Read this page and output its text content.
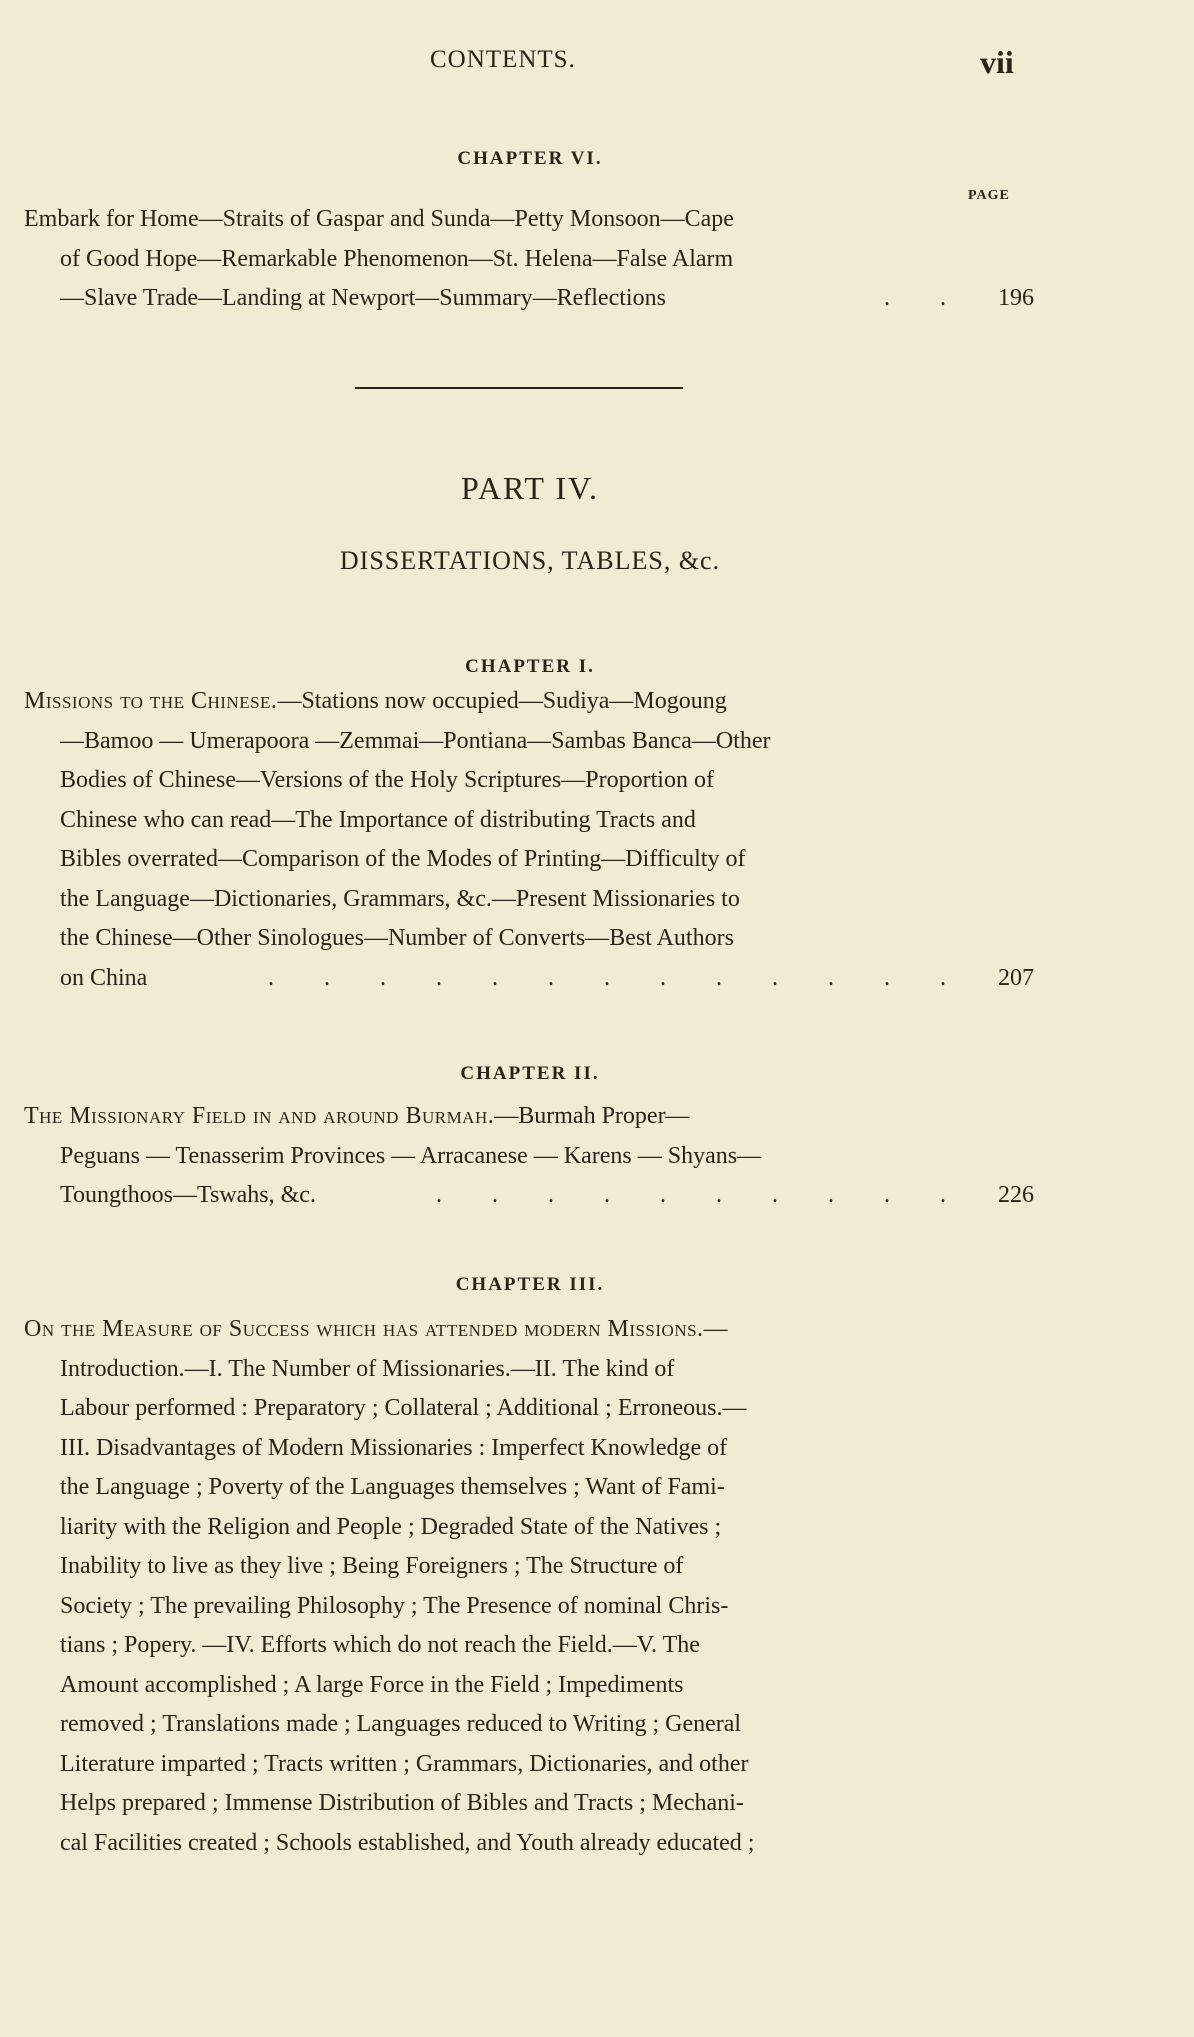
CONTENTS.	vii
CHAPTER VI.
PAGE
Embark for Home—Straits of Gaspar and Sunda—Petty Monsoon—Cape
of Good Hope—Remarkable Phenomenon—St. Helena—False Alarm
—Slave Trade—Landing at Newport—Summary—Reflections	. .	196
PART IV.
DISSERTATIONS, TABLES, &c.
CHAPTER I.
Missions to the Chinese.—Stations now occupied—Sudiya—Mogoung
—Bamoo — Umerapoora —Zemmai—Pontiana—Sambas Banca—Other
Bodies of Chinese—Versions of the Holy Scriptures—Proportion of
Chinese who can read—The Importance of distributing Tracts and
Bibles overrated—Comparison of the Modes of Printing—Difficulty of
the Language—Dictionaries, Grammars, &c.—Present Missionaries to
the Chinese—Other Sinologues—Number of Converts—Best Authors
on China	. . . . . . . . . . . . .	207
CHAPTER II.
The Missionary Field in and around Burmah.—Burmah Proper—
Peguans — Tenasserim Provinces — Arracanese — Karens — Shyans—
Toungthoos—Tswahs, &c.	. . . . . . . . . .	226
CHAPTER III.
On the Measure of Success which has attended modern Missions.—
Introduction.—I. The Number of Missionaries.—II. The kind of
Labour performed : Preparatory ; Collateral ; Additional ; Erroneous.—
III. Disadvantages of Modern Missionaries : Imperfect Knowledge of
the Language ; Poverty of the Languages themselves ; Want of Fami-
liarity with the Religion and People ; Degraded State of the Natives ;
Inability to live as they live ; Being Foreigners ; The Structure of
Society ; The prevailing Philosophy ; The Presence of nominal Chris-
tians ; Popery. —IV. Efforts which do not reach the Field.—V. The
Amount accomplished ; A large Force in the Field ; Impediments
removed ; Translations made ; Languages reduced to Writing ; General
Literature imparted ; Tracts written ; Grammars, Dictionaries, and other
Helps prepared ; Immense Distribution of Bibles and Tracts ; Mechani-
cal Facilities created ; Schools established, and Youth already educated ;
